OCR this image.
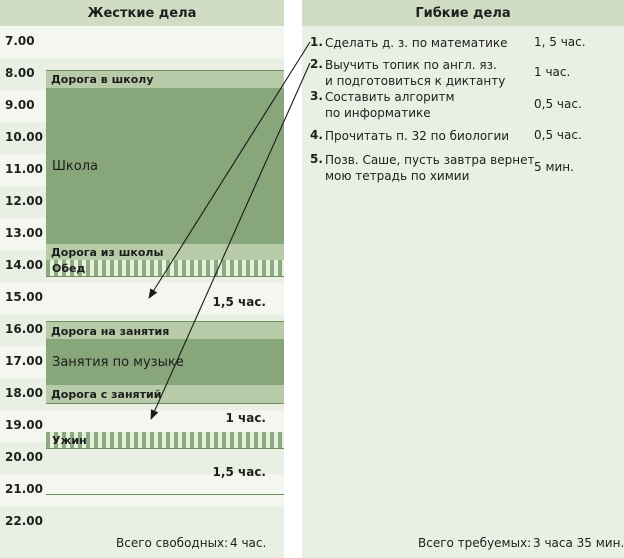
Жесткие дела
7.00
8.00
9.00
10.00
11.00
12.00
13.00
14.00
15.00
16.00
17.00
18.00
19.00
20.00
21.00
22.00
Дорога в школу
Школа
Дорога из школы
Обед
1,5 час.
Дорога на занятия
Занятия по музыке
Дорога с занятий
1 час.
Ужин
1,5 час.
Всего свободных: 4 час.
Гибкие дела
1. Сделать д. з. по математике 1, 5 час.
2. Выучить топик по англ. яз.
и подготовиться к диктанту
1 час.
3. Составить алгоритм
по информатике
0,5 час.
4. Прочитать п. 32 по биологии 0,5 час.
5. Позв. Саше, пусть завтра вернет
мою тетрадь по химии
5 мин.
Всего требуемых: 3 часа 35 мин.
